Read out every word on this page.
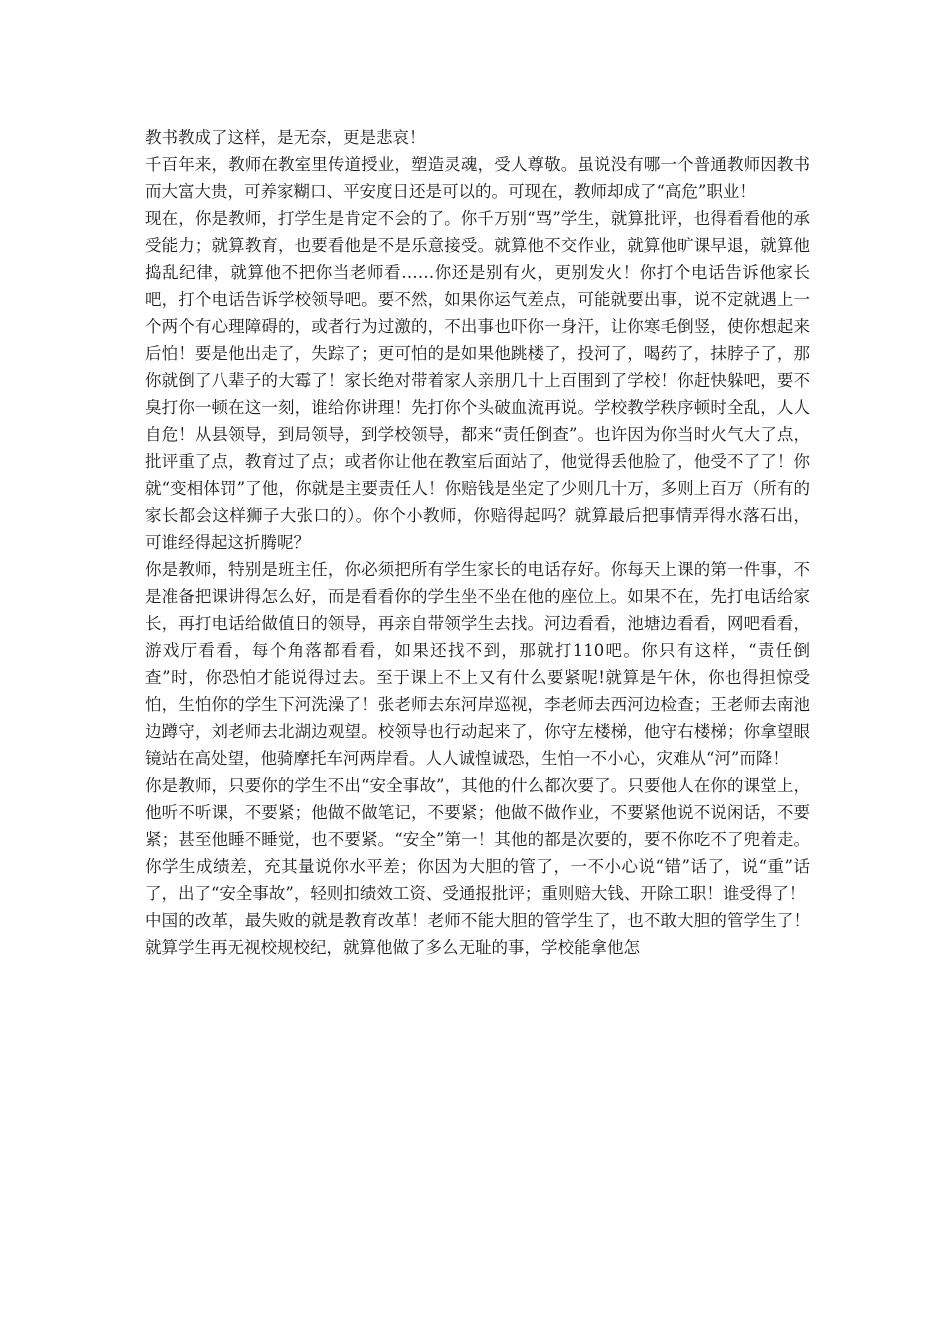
教书教成了这样，是无奈，更是悲哀！

千百年来，教师在教室里传道授业，塑造灵魂，受人尊敬。虽说没有哪一个普通教师因教书而大富大贵，可养家糊口、平安度日还是可以的。可现在，教师却成了“高危”职业！

现在，你是教师，打学生是肯定不会的了。你千万别“骂”学生，就算批评，也得看看他的承受能力；就算教育，也要看他是不是乐意接受。就算他不交作业，就算他旷课早退，就算他捣乱纪律，就算他不把你当老师看……你还是别有火，更别发火！你打个电话告诉他家长吧，打个电话告诉学校领导吧。要不然，如果你运气差点，可能就要出事，说不定就遇上一个两个有心理障碍的，或者行为过激的，不出事也吓你一身汗，让你寒毛倒竖，使你想起来后怕！要是他出走了，失踪了；更可怕的是如果他跳楼了，投河了，喝药了，抹脖子了，那你就倒了八辈子的大霉了！家长绝对带着家人亲朋几十上百围到了学校！你赶快躲吧，要不臭打你一顿在这一刻，谁给你讲理！先打你个头破血流再说。学校教学秩序顿时全乱，人人自危！从县领导，到局领导，到学校领导，都来“责任倒查”。也许因为你当时火气大了点，批评重了点，教育过了点；或者你让他在教室后面站了，他觉得丢他脸了，他受不了了！你就“变相体罚”了他，你就是主要责任人！你赔钱是坐定了少则几十万，多则上百万（所有的家长都会这样狮子大张口的）。你个小教师，你赔得起吗？就算最后把事情弄得水落石出，可谁经得起这折腾呢？

你是教师，特别是班主任，你必须把所有学生家长的电话存好。你每天上课的第一件事，不是准备把课讲得怎么好，而是看看你的学生坐不坐在他的座位上。如果不在，先打电话给家长，再打电话给做值日的领导，再亲自带领学生去找。河边看看，池塘边看看，网吧看看，游戏厅看看，每个角落都看看，如果还找不到，那就打110吧。你只有这样，“责任倒查”时，你恐怕才能说得过去。至于课上不上又有什么要紧呢!就算是午休，你也得担惊受怕，生怕你的学生下河洗澡了！张老师去东河岸巡视，李老师去西河边检查；王老师去南池边蹲守，刘老师去北湖边观望。校领导也行动起来了，你守左楼梯，他守右楼梯；你拿望眼镜站在高处望，他骑摩托车河两岸看。人人诚惶诚恐，生怕一不小心，灾难从“河”而降！

你是教师，只要你的学生不出“安全事故”，其他的什么都次要了。只要他人在你的课堂上，他听不听课，不要紧；他做不做笔记，不要紧；他做不做作业，不要紧他说不说闲话，不要紧；甚至他睡不睡觉，也不要紧。“安全”第一！其他的都是次要的，要不你吃不了兜着走。你学生成绩差，充其量说你水平差；你因为大胆的管了，一不小心说“错”话了，说“重”话了，出了“安全事故”，轻则扣绩效工资、受通报批评；重则赔大钱、开除工职！谁受得了！

中国的改革，最失败的就是教育改革！老师不能大胆的管学生了，也不敢大胆的管学生了！就算学生再无视校规校纪，就算他做了多么无耻的事，学校能拿他怎
